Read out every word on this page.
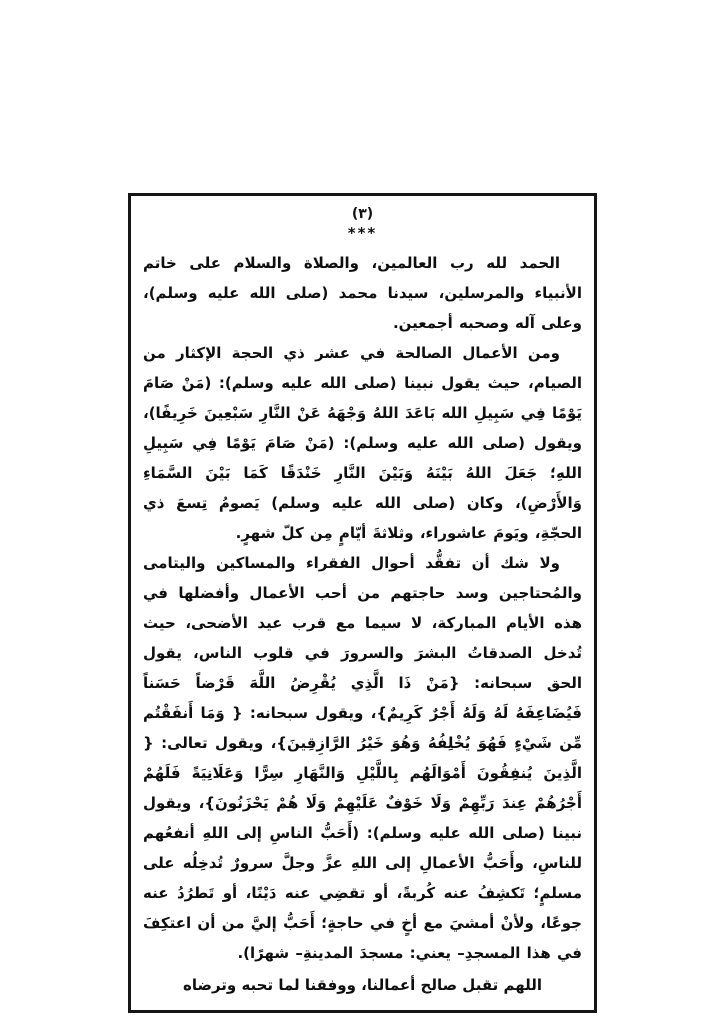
(٣)
***

الحمد لله رب العالمين، والصلاة والسلام على خاتم الأنبياء والمرسلين، سيدنا محمد (صلى الله عليه وسلم)، وعلى آله وصحبه أجمعين.

ومن الأعمال الصالحة في عشر ذي الحجة الإكثار من الصيام، حيث يقول نبينا (صلى الله عليه وسلم): (مَنْ صَامَ يَوْمًا فِي سَبِيلِ الله بَاعَدَ اللهُ وَجْهَهُ عَنْ النَّارِ سَبْعِينَ خَرِيفًا)، ويقول (صلى الله عليه وسلم): (مَنْ صَامَ يَوْمًا فِي سَبِيلِ اللهِ؛ جَعَلَ اللهُ بَيْنَهُ وَبَيْنَ النَّارِ خَنْدَقًا كَمَا بَيْنَ السَّمَاءِ وَالأَرْضِ)، وكان (صلى الله عليه وسلم) يَصومُ تِسعَ ذي الحجّةِ، ويَومَ عاشوراء، وثلاثةَ أيّامٍ مِن كلّ شهرٍ.

ولا شك أن تفقُّد أحوال الفقراء والمساكين واليتامى والمُحتاجين وسد حاجتهم من أحب الأعمال وأفضلها في هذه الأيام المباركة، لا سيما مع قرب عيد الأضحى، حيث تُدخل الصدقاتُ البشرَ والسرورَ في قلوب الناس، يقول الحق سبحانه: {مَنْ ذَا الَّذِي يُقْرِضُ اللَّهَ قَرْضاً حَسَناً فَيُضَاعِفَهُ لَهُ وَلَهُ أَجْرٌ كَرِيمٌ}، ويقول سبحانه: { وَمَا أَنفَقْتُم مِّن شَيْءٍ فَهُوَ يُخْلِفُهُ وَهُوَ خَيْرُ الرَّازِقِينَ}، ويقول تعالى: { الَّذِينَ يُنفِقُونَ أَمْوَالَهُم بِاللَّيْلِ وَالنَّهَارِ سِرًّا وَعَلَانِيَةً فَلَهُمْ أَجْرُهُمْ عِندَ رَبِّهِمْ وَلَا خَوْفٌ عَلَيْهِمْ وَلَا هُمْ يَحْزَنُونَ}، ويقول نبينا (صلى الله عليه وسلم): (أَحَبُّ الناسِ إلى اللهِ أنفعُهم للناسِ، وأَحَبُّ الأعمالِ إلى اللهِ عزَّ وجلَّ سرورٌ تُدخِلُه على مسلمٍ؛ تَكشِفُ عنه كُربةً، أو تقضِي عنه دَيْنًا، أو تَطرُدُ عنه جوعًا، ولأنْ أمشيَ مع أخٍ في حاجةٍ؛ أَحَبُّ إليَّ من أن اعتكِفَ في هذا المسجدِ– يعني: مسجدَ المدينةِ– شهرًا).

اللهم تقبل صالح أعمالنا، ووفقنا لما تحبه وترضاه
